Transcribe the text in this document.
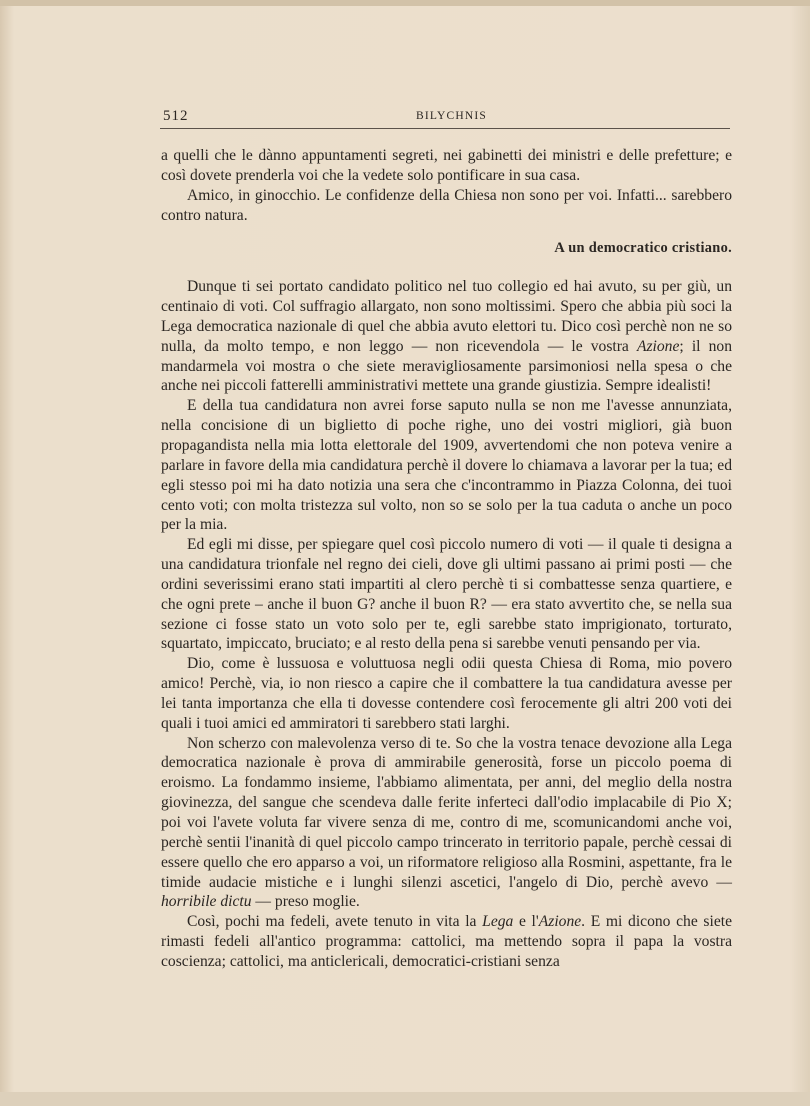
512	BILYCHNIS

a quelli che le dànno appuntamenti segreti, nei gabinetti dei ministri e delle prefetture; e così dovete prenderla voi che la vedete solo pontificare in sua casa.

Amico, in ginocchio. Le confidenze della Chiesa non sono per voi. Infatti... sarebbero contro natura.

A un democratico cristiano.

Dunque ti sei portato candidato politico nel tuo collegio ed hai avuto, su per giù, un centinaio di voti. Col suffragio allargato, non sono moltissimi. Spero che abbia più soci la Lega democratica nazionale di quel che abbia avuto elettori tu. Dico così perchè non ne so nulla, da molto tempo, e non leggo — non ricevendola — le vostra Azione; il non mandarmela voi mostra o che siete meravigliosamente parsimoniosi nella spesa o che anche nei piccoli fatterelli amministrativi mettete una grande giustizia. Sempre idealisti!

E della tua candidatura non avrei forse saputo nulla se non me l'avesse annunziata, nella concisione di un biglietto di poche righe, uno dei vostri migliori, già buon propagandista nella mia lotta elettorale del 1909, avvertendomi che non poteva venire a parlare in favore della mia candidatura perchè il dovere lo chiamava a lavorar per la tua; ed egli stesso poi mi ha dato notizia una sera che c'incontrammo in Piazza Colonna, dei tuoi cento voti; con molta tristezza sul volto, non so se solo per la tua caduta o anche un poco per la mia.

Ed egli mi disse, per spiegare quel così piccolo numero di voti — il quale ti designa a una candidatura trionfale nel regno dei cieli, dove gli ultimi passano ai primi posti — che ordini severissimi erano stati impartiti al clero perchè ti si combattesse senza quartiere, e che ogni prete – anche il buon G? anche il buon R? — era stato avvertito che, se nella sua sezione ci fosse stato un voto solo per te, egli sarebbe stato imprigionato, torturato, squartato, impiccato, bruciato; e al resto della pena si sarebbe venuti pensando per via.

Dio, come è lussuosa e voluttuosa negli odii questa Chiesa di Roma, mio povero amico! Perchè, via, io non riesco a capire che il combattere la tua candidatura avesse per lei tanta importanza che ella ti dovesse contendere così ferocemente gli altri 200 voti dei quali i tuoi amici ed ammiratori ti sarebbero stati larghi.

Non scherzo con malevolenza verso di te. So che la vostra tenace devozione alla Lega democratica nazionale è prova di ammirabile generosità, forse un piccolo poema di eroismo. La fondammo insieme, l'abbiamo alimentata, per anni, del meglio della nostra giovinezza, del sangue che scendeva dalle ferite inferteci dall'odio implacabile di Pio X; poi voi l'avete voluta far vivere senza di me, contro di me, scomunicandomi anche voi, perchè sentii l'inanità di quel piccolo campo trincerato in territorio papale, perchè cessai di essere quello che ero apparso a voi, un riformatore religioso alla Rosmini, aspettante, fra le timide audacie mistiche e i lunghi silenzi ascetici, l'angelo di Dio, perchè avevo — horribile dictu — preso moglie.

Così, pochi ma fedeli, avete tenuto in vita la Lega e l'Azione. E mi dicono che siete rimasti fedeli all'antico programma: cattolici, ma mettendo sopra il papa la vostra coscienza; cattolici, ma anticlericali, democratici-cristiani senza
